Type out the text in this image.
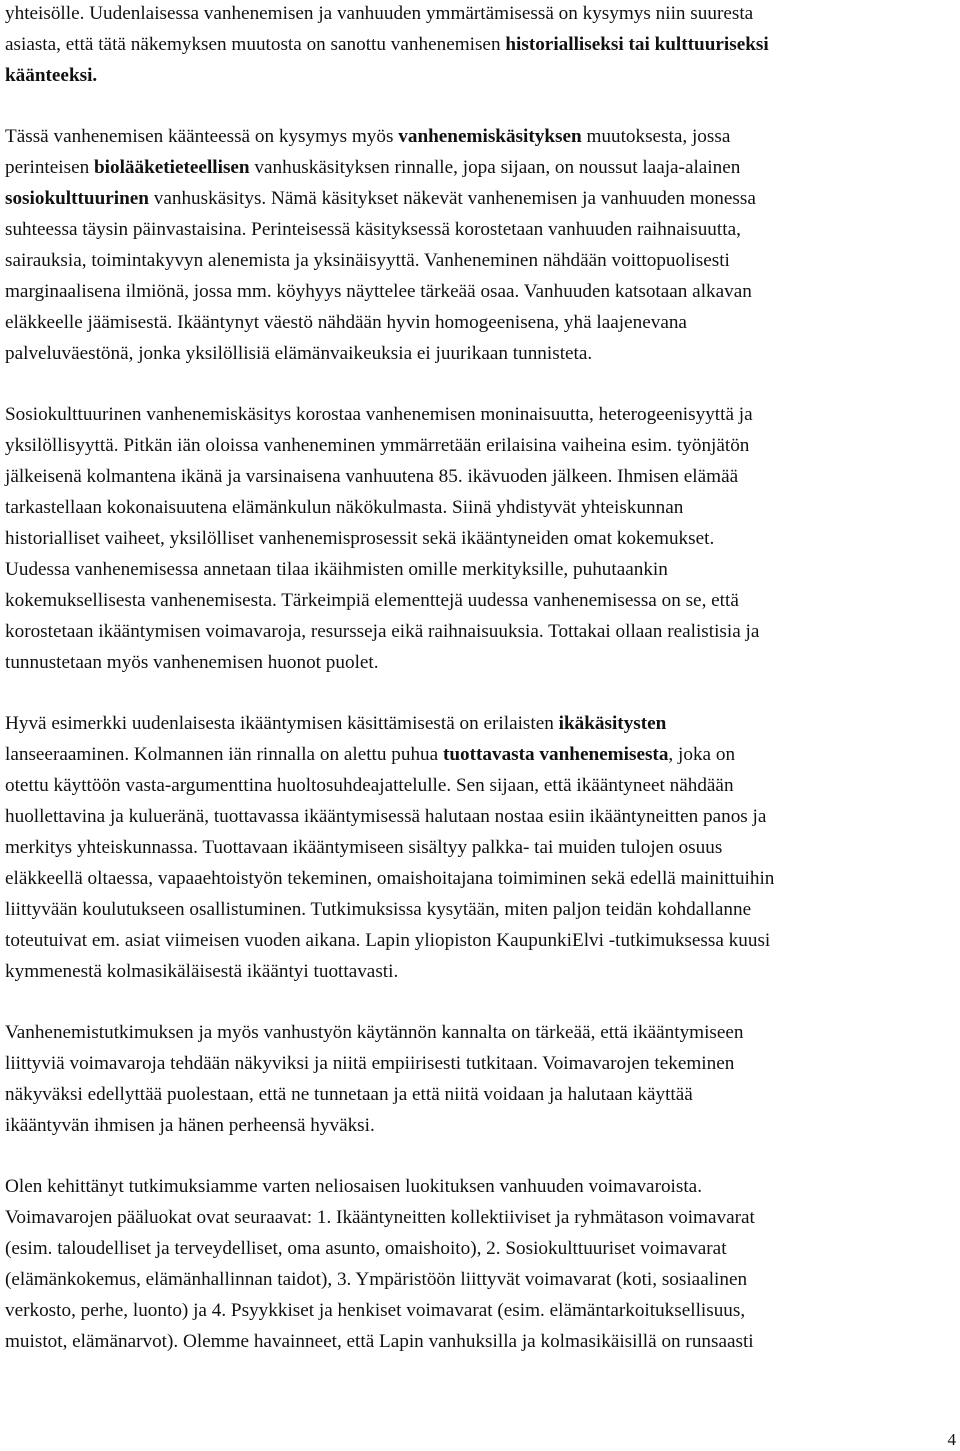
yhteisölle. Uudenlaisessa vanhenemisen ja vanhuuden ymmärtämisessä on kysymys niin suuresta
asiasta, että tätä näkemyksen muutosta on sanottu vanhenemisen historialliseksi tai kulttuuriseksi
käänteeksi.

Tässä vanhenemisen käänteessä on kysymys myös vanhenemiskäsityksen muutoksesta, jossa
perinteisen biolääketieteellisen vanhuskäsityksen rinnalle, jopa sijaan, on noussut laaja-alainen
sosiokulttuurinen vanhuskäsitys. Nämä käsitykset näkevät vanhenemisen ja vanhuuden monessa
suhteessa täysin päinvastaisina. Perinteisessä käsityksessä korostetaan vanhuuden raihnaisuutta,
sairauksia, toimintakyvyn alenemista ja yksinäisyyttä. Vanheneminen nähdään voittopuolisesti
marginaalisena ilmiönä, jossa mm. köyhyys näyttelee tärkeää osaa. Vanhuuden katsotaan alkavan
eläkkeelle jäämisestä. Ikääntynyt väestö nähdään hyvin homogeenisena, yhä laajenevana
palveluväestönä, jonka yksilöllisiä elämänvaikeuksia ei juurikaan tunnisteta.

Sosiokulttuurinen vanhenemiskäsitys korostaa vanhenemisen moninaisuutta, heterogeenisyyttä ja
yksilöllisyyttä. Pitkän iän oloissa vanheneminen ymmärretään erilaisina vaiheina esim. työnjätön
jälkeisenä kolmantena ikänä ja varsinaisena vanhuutena 85. ikävuoden jälkeen. Ihmisen elämää
tarkastellaan kokonaisuutena elämänkulun näkökulmasta. Siinä yhdistyvät yhteiskunnan
historialliset vaiheet, yksilölliset vanhenemisprosessit sekä ikääntyneiden omat kokemukset.
Uudessa vanhenemisessa annetaan tilaa ikäihmisten omille merkityksille, puhutaankin
kokemuksellisesta vanhenemisesta. Tärkeimpiä elementtejä uudessa vanhenemisessa on se, että
korostetaan ikääntymisen voimavaroja, resursseja eikä raihnaisuuksia. Tottakai ollaan realistisia ja
tunnustetaan myös vanhenemisen huonot puolet.

Hyvä esimerkki uudenlaisesta ikääntymisen käsittämisestä on erilaisten ikäkäsitysten
lanseeraaminen. Kolmannen iän rinnalla on alettu puhua tuottavasta vanhenemisesta, joka on
otettu käyttöön vasta-argumenttina huoltosuhdeajattelulle. Sen sijaan, että ikääntyneet nähdään
huollettavina ja kulueränä, tuottavassa ikääntymisessä halutaan nostaa esiin ikääntyneitten panos ja
merkitys yhteiskunnassa. Tuottavaan ikääntymiseen sisältyy palkka- tai muiden tulojen osuus
eläkkeellä oltaessa, vapaaehtoistyön tekeminen, omaishoitajana toimiminen sekä edellä mainittuihin
liittyvään koulutukseen osallistuminen. Tutkimuksissa kysytään, miten paljon teidän kohdallanne
toteutuivat em. asiat viimeisen vuoden aikana. Lapin yliopiston KaupunkiElvi -tutkimuksessa kuusi
kymmenestä kolmasikäläisestä ikääntyi tuottavasti.

Vanhenemistutkimuksen ja myös vanhustyön käytännön kannalta on tärkeää, että ikääntymiseen
liittyviä voimavaroja tehdään näkyviksi ja niitä empiirisesti tutkitaan. Voimavarojen tekeminen
näkyväksi edellyttää puolestaan, että ne tunnetaan ja että niitä voidaan ja halutaan käyttää
ikääntyvän ihmisen ja hänen perheensä hyväksi.

Olen kehittänyt tutkimuksiamme varten neliosaisen luokituksen vanhuuden voimavaroista.
Voimavarojen pääluokat ovat seuraavat: 1. Ikääntyneitten kollektiiviset ja ryhmätason voimavarat
(esim. taloudelliset ja terveydelliset, oma asunto, omaishoito), 2. Sosiokulttuuriset voimavarat
(elämänkokemus, elämänhallinnan taidot), 3. Ympäristöön liittyvät voimavarat (koti, sosiaalinen
verkosto, perhe, luonto) ja 4. Psyykkiset ja henkiset voimavarat (esim. elämäntarkoituksellisuus,
muistot, elämänarvot). Olemme havainneet, että Lapin vanhuksilla ja kolmasikäisillä on runsaasti

4
